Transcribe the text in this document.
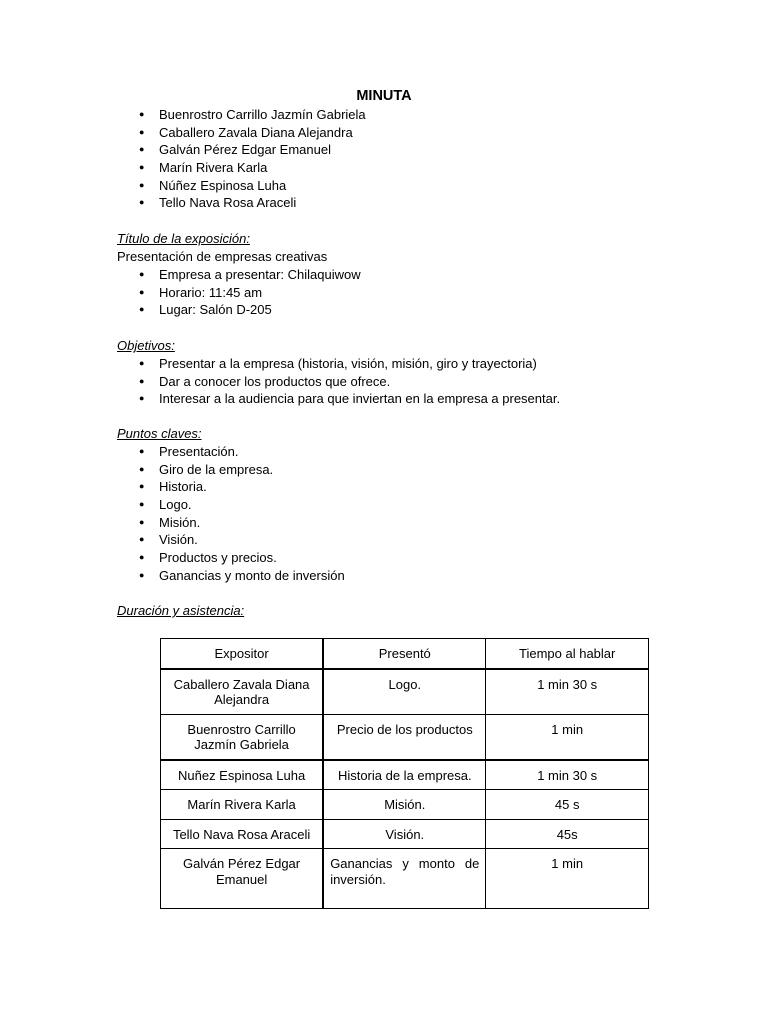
MINUTA
● Buenrostro Carrillo Jazmín Gabriela
● Caballero Zavala Diana Alejandra
● Galván Pérez Edgar Emanuel
● Marín Rivera Karla
● Núñez Espinosa Luha
● Tello Nava Rosa Araceli

Título de la exposición:

Presentación de empresas creativas

● Empresa a presentar: Chilaquiwow
● Horario: 11:45 am
● Lugar: Salón D-205

Objetivos:

● Presentar a la empresa (historia, visión, misión, giro y trayectoria)
● Dar a conocer los productos que ofrece.
● Interesar a la audiencia para que inviertan en la empresa a presentar.

Puntos claves:

● Presentación.
● Giro de la empresa.
● Historia.
● Logo.
● Misión.
● Visión.
● Productos y precios.
● Ganancias y monto de inversión

Duración y asistencia:

Expositor	Presentó	Tiempo al hablar
Caballero Zavala Diana Alejandra	Logo.	1 min 30 s
Buenrostro Carrillo Jazmín Gabriela	Precio de los productos	1 min
Nuñez Espinosa Luha	Historia de la empresa.	1 min 30 s
Marín Rivera Karla	Misión.	45 s
Tello Nava Rosa Araceli	Visión.	45s
Galván Pérez Edgar Emanuel	Ganancias y monto de inversión.	1 min
